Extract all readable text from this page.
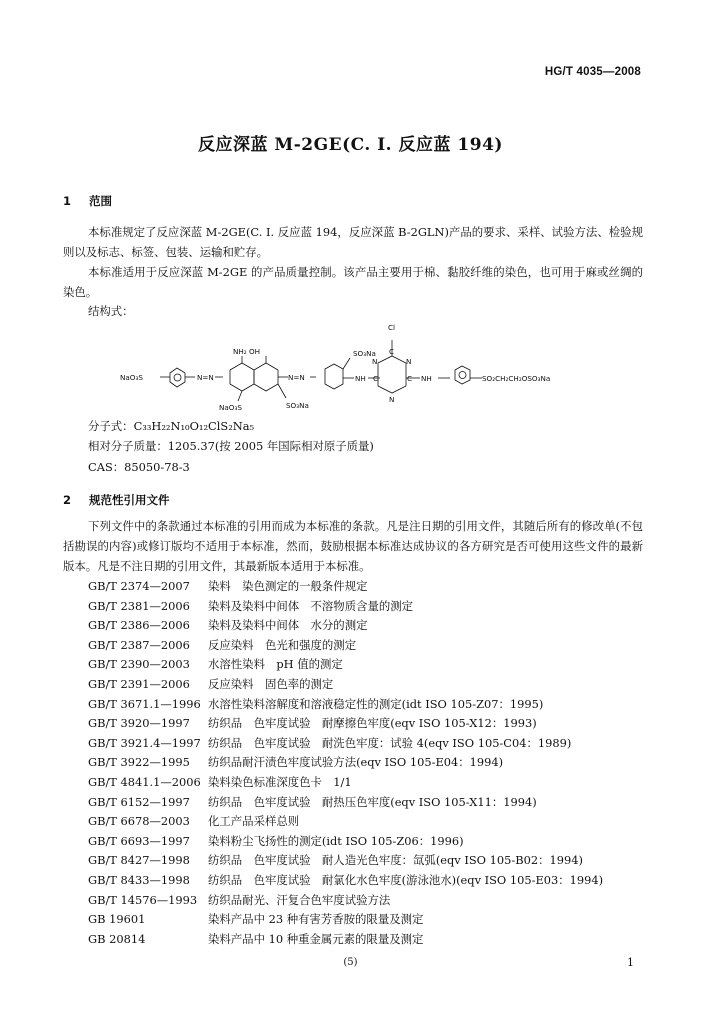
HG/T 4035—2008
反应深蓝 M-2GE(C. I. 反应蓝 194)
1 范围

本标准规定了反应深蓝 M-2GE(C. I. 反应蓝 194，反应深蓝 B-2GLN)产品的要求、采样、试验方法、检验规则以及标志、标签、包装、运输和贮存。

本标准适用于反应深蓝 M-2GE 的产品质量控制。该产品主要用于棉、黏胶纤维的染色，也可用于麻或丝绸的染色。

结构式：
NaO₃S	N=N
NH₂ OH
N=N
NaO₃S	SO₃Na
SO₃Na
NH
Cl
C
N	N
C	C NH
N
SO₂CH₂CH₂OSO₃Na
分子式：C₃₃H₂₂N₁₀O₁₂ClS₂Na₅
相对分子质量：1205.37(按 2005 年国际相对原子质量)
CAS：85050-78-3
2 规范性引用文件

下列文件中的条款通过本标准的引用而成为本标准的条款。凡是注日期的引用文件，其随后所有的修改单(不包括勘误的内容)或修订版均不适用于本标准，然而，鼓励根据本标准达成协议的各方研究是否可使用这些文件的最新版本。凡是不注日期的引用文件，其最新版本适用于本标准。

GB/T 2374—2007 染料　染色测定的一般条件规定
GB/T 2381—2006 染料及染料中间体　不溶物质含量的测定
GB/T 2386—2006 染料及染料中间体　水分的测定
GB/T 2387—2006 反应染料　色光和强度的测定
GB/T 2390—2003 水溶性染料　pH 值的测定
GB/T 2391—2006 反应染料　固色率的测定
GB/T 3671.1—1996 水溶性染料溶解度和溶液稳定性的测定(idt ISO 105-Z07：1995)
GB/T 3920—1997 纺织品　色牢度试验　耐摩擦色牢度(eqv ISO 105-X12：1993)
GB/T 3921.4—1997 纺织品　色牢度试验　耐洗色牢度：试验 4(eqv ISO 105-C04：1989)
GB/T 3922—1995 纺织品耐汗渍色牢度试验方法(eqv ISO 105-E04：1994)
GB/T 4841.1—2006 染料染色标准深度色卡　1/1
GB/T 6152—1997 纺织品　色牢度试验　耐热压色牢度(eqv ISO 105-X11：1994)
GB/T 6678—2003 化工产品采样总则
GB/T 6693—1997 染料粉尘飞扬性的测定(idt ISO 105-Z06：1996)
GB/T 8427—1998 纺织品　色牢度试验　耐人造光色牢度：氙弧(eqv ISO 105-B02：1994)
GB/T 8433—1998 纺织品　色牢度试验　耐氯化水色牢度(游泳池水)(eqv ISO 105-E03：1994)
GB/T 14576—1993 纺织品耐光、汗复合色牢度试验方法
GB 19601	染料产品中 23 种有害芳香胺的限量及测定
GB 20814	染料产品中 10 种重金属元素的限量及测定
(5)	1
